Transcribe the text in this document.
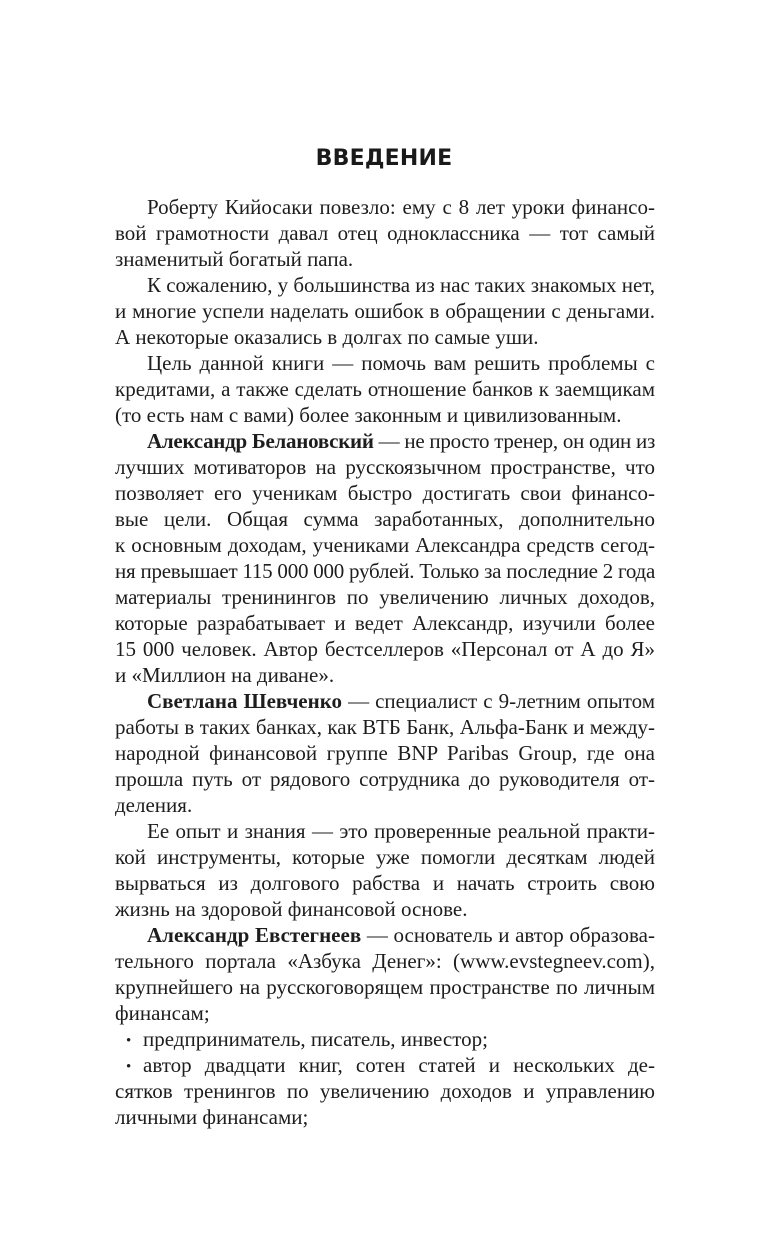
ВВЕДЕНИЕ
Роберту Кийосаки повезло: ему с 8 лет уроки финансо-
вой грамотности давал отец одноклассника — тот самый
знаменитый богатый папа.
К сожалению, у большинства из нас таких знакомых нет,
и многие успели наделать ошибок в обращении с деньгами.
А некоторые оказались в долгах по самые уши.
Цель данной книги — помочь вам решить проблемы с
кредитами, а также сделать отношение банков к заемщикам
(то есть нам с вами) более законным и цивилизованным.
Александр Белановский — не просто тренер, он один из
лучших мотиваторов на русскоязычном пространстве, что
позволяет его ученикам быстро достигать свои финансо-
вые цели. Общая сумма заработанных, дополнительно
к основным доходам, учениками Александра средств сегод-
ня превышает 115 000 000 рублей. Только за последние 2 года
материалы тренинингов по увеличению личных доходов,
которые разрабатывает и ведет Александр, изучили более
15 000 человек. Автор бестселлеров «Персонал от А до Я»
и «Миллион на диване».
Светлана Шевченко — специалист с 9-летним опытом
работы в таких банках, как ВТБ Банк, Альфа-Банк и между-
народной финансовой группе BNP Paribas Group, где она
прошла путь от рядового сотрудника до руководителя от-
деления.
Ее опыт и знания — это проверенные реальной практи-
кой инструменты, которые уже помогли десяткам людей
вырваться из долгового рабства и начать строить свою
жизнь на здоровой финансовой основе.
Александр Евстегнеев — основатель и автор образова-
тельного портала «Азбука Денег»: (www.evstegneev.com),
крупнейшего на русскоговорящем пространстве по личным
финансам;
• предприниматель, писатель, инвестор;
• автор двадцати книг, сотен статей и нескольких де-
сятков тренингов по увеличению доходов и управлению
личными финансами;
